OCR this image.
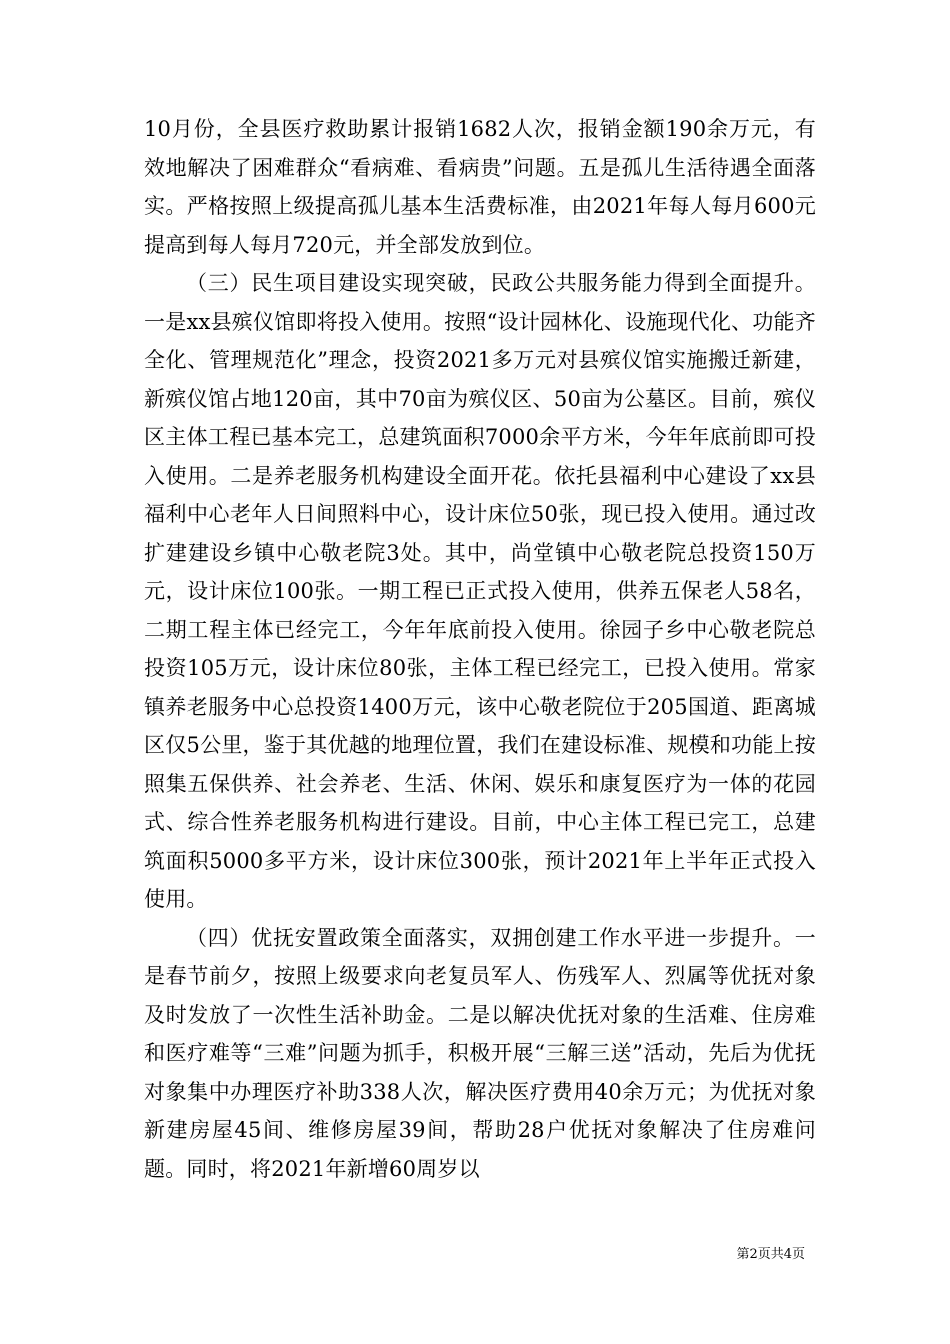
10月份，全县医疗救助累计报销1682人次，报销金额190余万元，有效地解决了困难群众“看病难、看病贵”问题。五是孤儿生活待遇全面落实。严格按照上级提高孤儿基本生活费标准，由2021年每人每月600元提高到每人每月720元，并全部发放到位。

（三）民生项目建设实现突破，民政公共服务能力得到全面提升。一是xx县殡仪馆即将投入使用。按照“设计园林化、设施现代化、功能齐全化、管理规范化”理念，投资2021多万元对县殡仪馆实施搬迁新建，新殡仪馆占地120亩，其中70亩为殡仪区、50亩为公墓区。目前，殡仪区主体工程已基本完工，总建筑面积7000余平方米，今年年底前即可投入使用。二是养老服务机构建设全面开花。依托县福利中心建设了xx县福利中心老年人日间照料中心，设计床位50张，现已投入使用。通过改扩建建设乡镇中心敬老院3处。其中，尚堂镇中心敬老院总投资150万元，设计床位100张。一期工程已正式投入使用，供养五保老人58名，二期工程主体已经完工，今年年底前投入使用。徐园子乡中心敬老院总投资105万元，设计床位80张，主体工程已经完工，已投入使用。常家镇养老服务中心总投资1400万元，该中心敬老院位于205国道、距离城区仅5公里，鉴于其优越的地理位置，我们在建设标准、规模和功能上按照集五保供养、社会养老、生活、休闲、娱乐和康复医疗为一体的花园式、综合性养老服务机构进行建设。目前，中心主体工程已完工，总建筑面积5000多平方米，设计床位300张，预计2021年上半年正式投入使用。

（四）优抚安置政策全面落实，双拥创建工作水平进一步提升。一是春节前夕，按照上级要求向老复员军人、伤残军人、烈属等优抚对象及时发放了一次性生活补助金。二是以解决优抚对象的生活难、住房难和医疗难等“三难”问题为抓手，积极开展“三解三送”活动，先后为优抚对象集中办理医疗补助338人次，解决医疗费用40余万元；为优抚对象新建房屋45间、维修房屋39间，帮助28户优抚对象解决了住房难问题。同时，将2021年新增60周岁以

第2页共4页
